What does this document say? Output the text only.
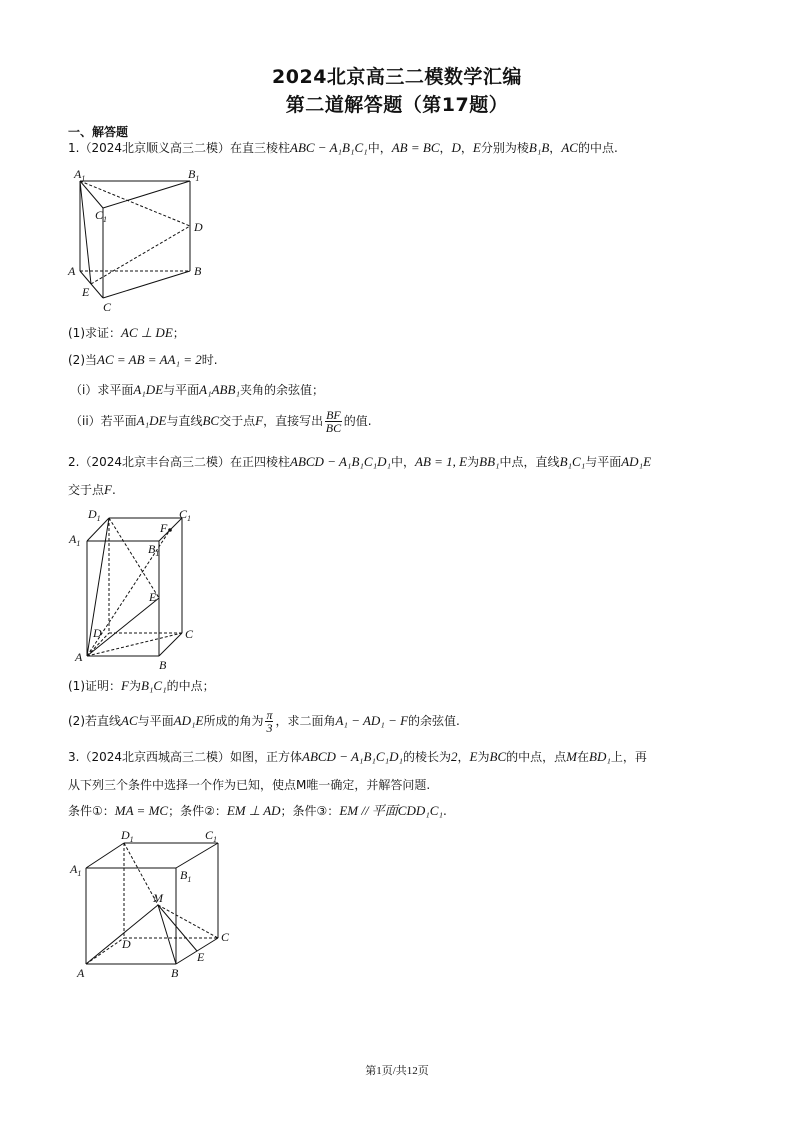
2024北京高三二模数学汇编
第二道解答题（第17题）
一、解答题
1.（2024北京顺义高三二模）在直三棱柱ABC − A₁B₁C₁中，AB = BC，D，E分别为棱B₁B，AC的中点.
$A_1$	$B_1$
$C_1$
D
A	B
E
C
(1)求证：AC ⊥ DE；
(2)当AC = AB = AA₁ = 2时.
（i）求平面A₁DE与平面A₁ABB₁夹角的余弦值；
（ii）若平面A₁DE与直线BC交于点F，直接写出 $\frac{BF}{BC}$ 的值.
2.（2024北京丰台高三二模）在正四棱柱ABCD − A₁B₁C₁D₁中，AB = 1, E为BB₁中点，直线B₁C₁与平面AD₁E
交于点F.
$D_1$	$C_1$
F
$A_1$	$B_1$
E
D	C
A
B
(1)证明：F为B₁C₁的中点；
(2)若直线AC与平面AD₁E所成的角为 $\frac{\pi}{3}$ ，求二面角A₁ − AD₁ − F的余弦值.
3.（2024北京西城高三二模）如图，正方体ABCD − A₁B₁C₁D₁的棱长为2，E为BC的中点，点M在BD₁上，再
从下列三个条件中选择一个作为已知，使点M唯一确定，并解答问题.
条件①：MA = MC；条件②：EM ⊥ AD；条件③：EM // 平面CDD₁C₁.
$D_1$	$C_1$
$A_1$	$B_1$
M
D	C
E
A	B
第1页/共12页
